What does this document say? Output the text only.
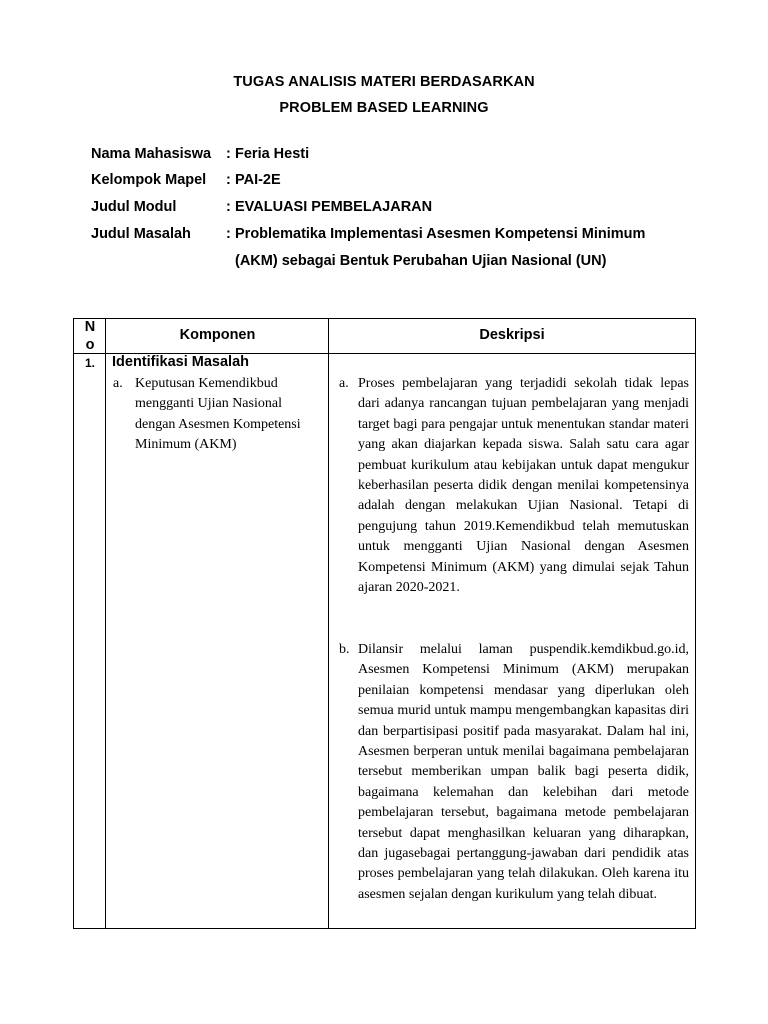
TUGAS ANALISIS MATERI BERDASARKAN
PROBLEM BASED LEARNING
Nama Mahasiswa : Feria Hesti
Kelompok Mapel : PAI-2E
Judul Modul	: EVALUASI PEMBELAJARAN
Judul Masalah : Problematika Implementasi Asesmen Kompetensi Minimum
(AKM) sebagai Bentuk Perubahan Ujian Nasional (UN)
No
Komponen	Deskripsi
1. Identifikasi Masalah
a. Keputusan Kemendikbud mengganti Ujian Nasional dengan Asesmen Kompetensi Minimum (AKM)
a. Proses pembelajaran yang terjadidi sekolah tidak lepas dari adanya rancangan tujuan pembelajaran yang menjadi target bagi para pengajar untuk menentukan standar materi yang akan diajarkan kepada siswa. Salah satu cara agar pembuat kurikulum atau kebijakan untuk dapat mengukur keberhasilan peserta didik dengan menilai kompetensinya adalah dengan melakukan Ujian Nasional. Tetapi di pengujung tahun 2019.Kemendikbud telah memutuskan untuk mengganti Ujian Nasional dengan Asesmen Kompetensi Minimum (AKM) yang dimulai sejak Tahun ajaran 2020-2021.
b. Dilansir melalui laman puspendik.kemdikbud.go.id, Asesmen Kompetensi Minimum (AKM) merupakan penilaian kompetensi mendasar yang diperlukan oleh semua murid untuk mampu mengembangkan kapasitas diri dan berpartisipasi positif pada masyarakat. Dalam hal ini, Asesmen berperan untuk menilai bagaimana pembelajaran tersebut memberikan umpan balik bagi peserta didik, bagaimana kelemahan dan kelebihan dari metode pembelajaran tersebut, bagaimana metode pembelajaran tersebut dapat menghasilkan keluaran yang diharapkan, dan jugasebagai pertanggung-jawaban dari pendidik atas proses pembelajaran yang telah dilakukan. Oleh karena itu asesmen sejalan dengan kurikulum yang telah dibuat.
